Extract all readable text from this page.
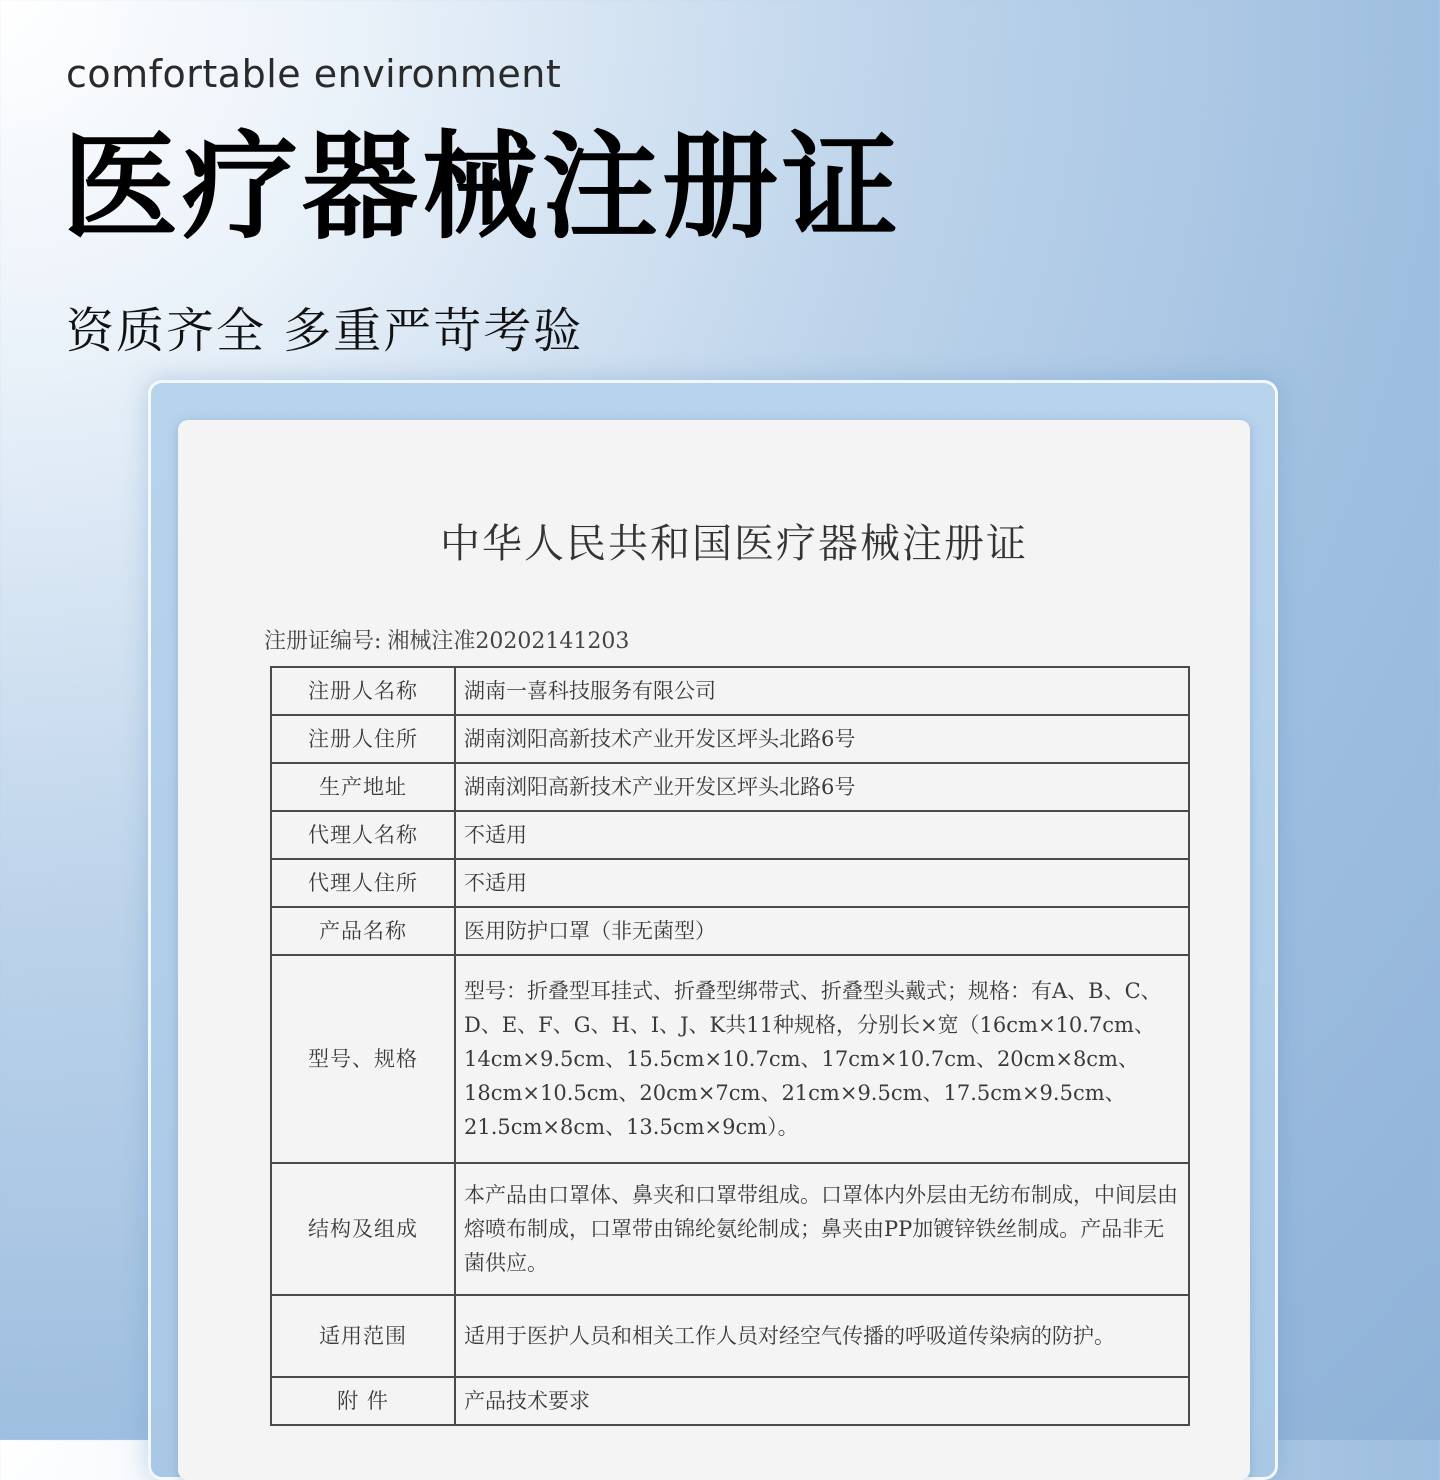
comfortable environment
医疗器械注册证
资质齐全 多重严苛考验
中华人民共和国医疗器械注册证
注册证编号: 湘械注准20202141203
注册人名称	湖南一喜科技服务有限公司
注册人住所	湖南浏阳高新技术产业开发区坪头北路6号
生产地址	湖南浏阳高新技术产业开发区坪头北路6号
代理人名称	不适用
代理人住所	不适用
产品名称	医用防护口罩（非无菌型）
型号、规格	型号：折叠型耳挂式、折叠型绑带式、折叠型头戴式；规格：有A、B、C、D、E、F、G、H、I、J、K共11种规格，分别长×宽（16cm×10.7cm、14cm×9.5cm、15.5cm×10.7cm、17cm×10.7cm、20cm×8cm、18cm×10.5cm、20cm×7cm、21cm×9.5cm、17.5cm×9.5cm、21.5cm×8cm、13.5cm×9cm）。
结构及组成	本产品由口罩体、鼻夹和口罩带组成。口罩体内外层由无纺布制成，中间层由熔喷布制成，口罩带由锦纶氨纶制成；鼻夹由PP加镀锌铁丝制成。产品非无菌供应。
适用范围	适用于医护人员和相关工作人员对经空气传播的呼吸道传染病的防护。
附 件	产品技术要求
